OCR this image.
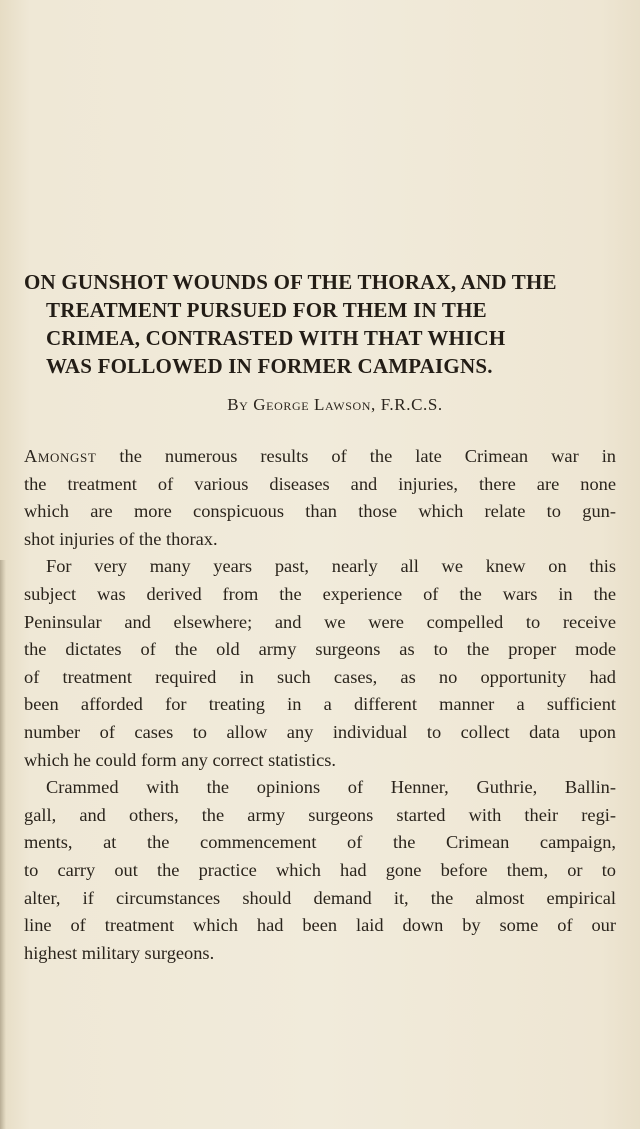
ON GUNSHOT WOUNDS OF THE THORAX, AND THE
TREATMENT PURSUED FOR THEM IN THE
CRIMEA, CONTRASTED WITH THAT WHICH
WAS FOLLOWED IN FORMER CAMPAIGNS.
By George Lawson, F.R.C.S.
Amongst the numerous results of the late Crimean war in
the treatment of various diseases and injuries, there are none
which are more conspicuous than those which relate to gun-
shot injuries of the thorax.
For very many years past, nearly all we knew on this
subject was derived from the experience of the wars in the
Peninsular and elsewhere; and we were compelled to receive
the dictates of the old army surgeons as to the proper mode
of treatment required in such cases, as no opportunity had
been afforded for treating in a different manner a sufficient
number of cases to allow any individual to collect data upon
which he could form any correct statistics.
Crammed with the opinions of Henner, Guthrie, Ballin-
gall, and others, the army surgeons started with their regi-
ments, at the commencement of the Crimean campaign,
to carry out the practice which had gone before them, or to
alter, if circumstances should demand it, the almost empirical
line of treatment which had been laid down by some of our
highest military surgeons.
